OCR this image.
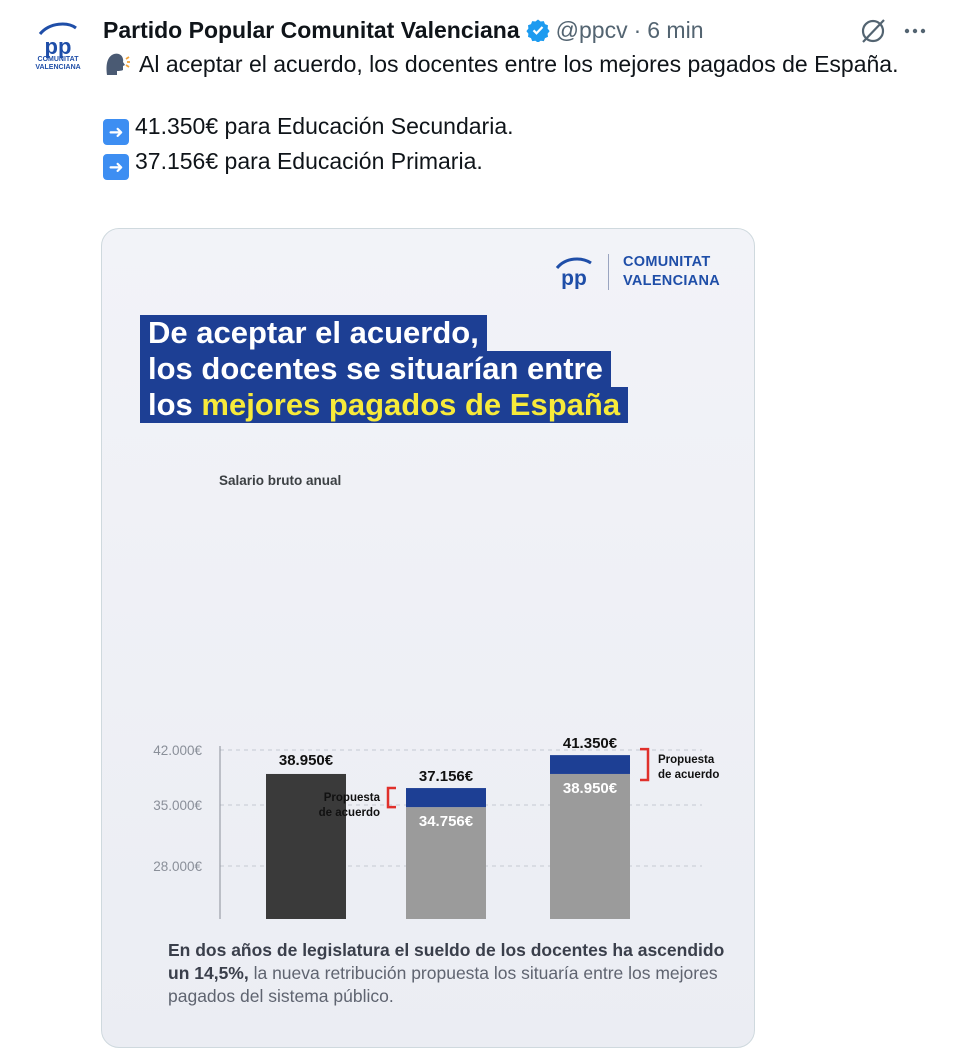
pp
COMUNITAT
VALENCIANA
Partido Popular Comunitat Valenciana @ppcv · 6 min

Al aceptar el acuerdo, los docentes entre los mejores pagados de España.

➜ 41.350€ para Educación Secundaria.

➜ 37.156€ para Educación Primaria.

pp
COMUNITAT
VALENCIANA
De aceptar el acuerdo,
los docentes se situarían entre
los mejores pagados de España
Salario bruto anual
28.000€
35.000€
42.000€
38.950€
37.156€
34.756€
Propuesta
de acuerdo
41.350€
38.950€
Propuesta
de acuerdo
En dos años de legislatura el sueldo de los docentes ha ascendido un 14,5%, la nueva retribución propuesta los situaría entre los mejores pagados del sistema público.
